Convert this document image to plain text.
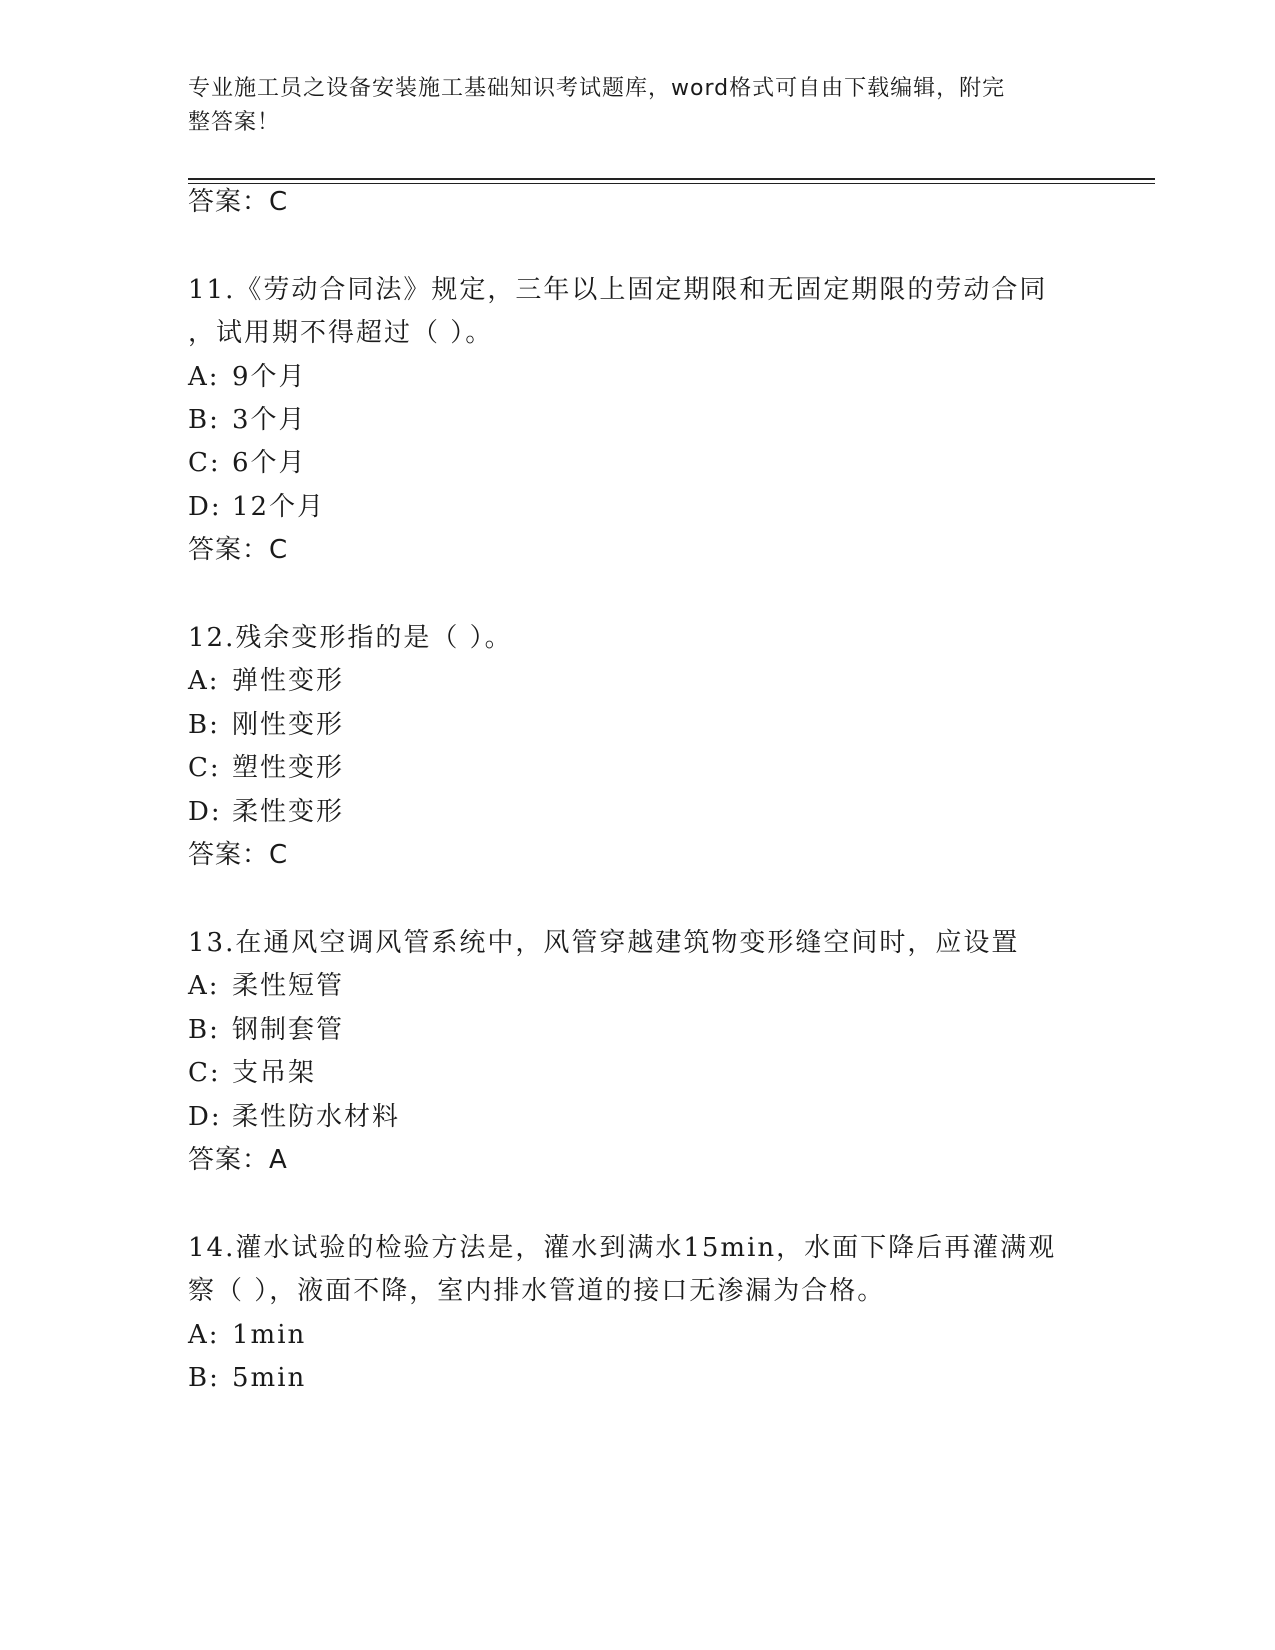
专业施工员之设备安装施工基础知识考试题库，word格式可自由下载编辑，附完
整答案！
答案：C
11.《劳动合同法》规定，三年以上固定期限和无固定期限的劳动合同
，试用期不得超过（ ）。
A: 9个月
B: 3个月
C: 6个月
D: 12个月
答案：C
12.残余变形指的是（ ）。
A: 弹性变形
B: 刚性变形
C: 塑性变形
D: 柔性变形
答案：C
13.在通风空调风管系统中，风管穿越建筑物变形缝空间时，应设置
A: 柔性短管
B: 钢制套管
C: 支吊架
D: 柔性防水材料
答案：A
14.灌水试验的检验方法是，灌水到满水15min，水面下降后再灌满观
察（ ），液面不降，室内排水管道的接口无渗漏为合格。
A: 1min
B: 5min
